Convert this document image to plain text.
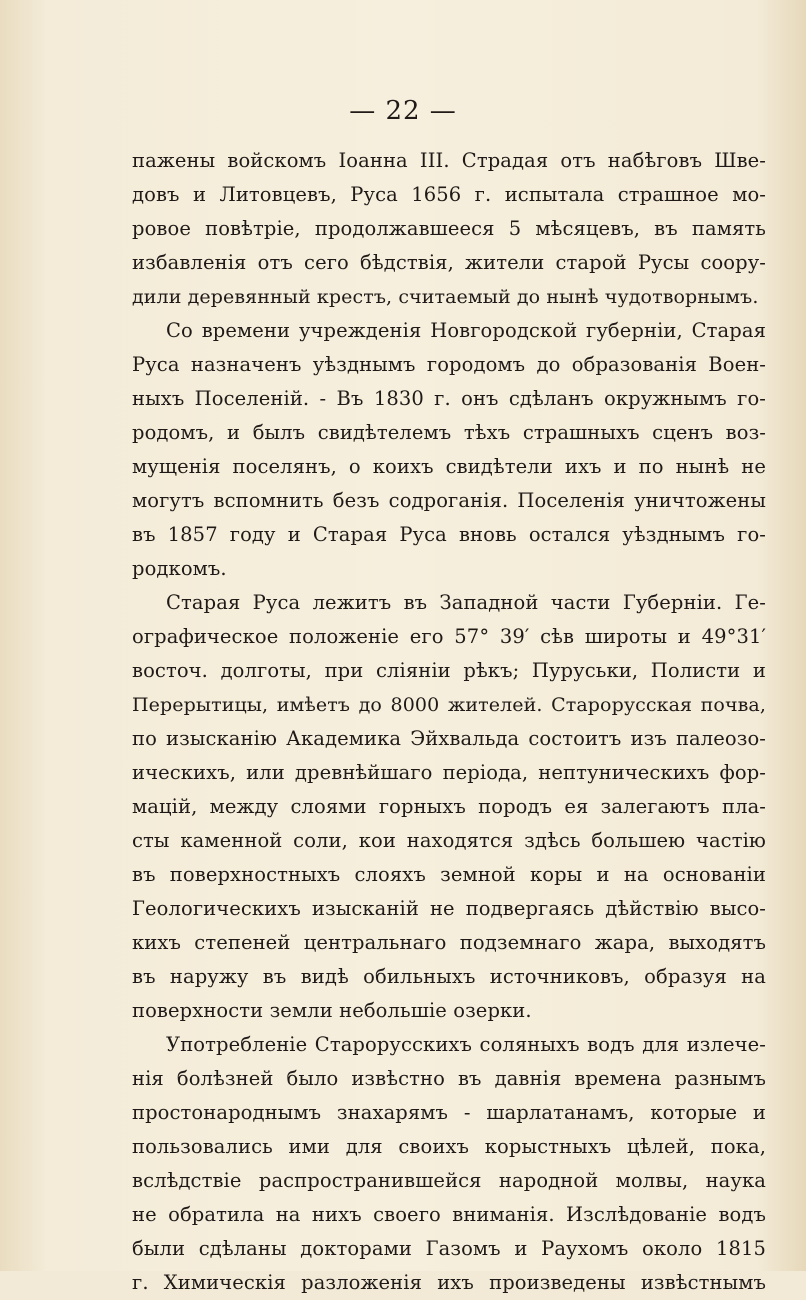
— 22 —
пажены войскомъ Іоанна III. Страдая отъ набѣговъ Шве-
довъ и Литовцевъ, Руса 1656 г. испытала страшное мо-
ровое повѣтріе, продолжавшееся 5 мѣсяцевъ, въ память
избавленія отъ сего бѣдствія, жители старой Русы соору-
дили деревянный крестъ, считаемый до нынѣ чудотворнымъ.
Со времени учрежденія Новгородской губерніи, Старая
Руса назначенъ уѣзднымъ городомъ до образованія Воен-
ныхъ Поселеній. - Въ 1830 г. онъ сдѣланъ окружнымъ го-
родомъ, и былъ свидѣтелемъ тѣхъ страшныхъ сценъ воз-
мущенія поселянъ, о коихъ свидѣтели ихъ и по нынѣ не
могутъ вспомнить безъ содроганія. Поселенія уничтожены
въ 1857 году и Старая Руса вновь остался уѣзднымъ го-
родкомъ.
Старая Руса лежитъ въ Западной части Губерніи. Ге-
ографическое положеніе его 57° 39′ сѣв широты и 49°31′
восточ. долготы, при сліяніи рѣкъ; Пуруськи, Полисти и
Перерытицы, имѣетъ до 8000 жителей. Старорусская почва,
по изысканію Академика Эйхвальда состоитъ изъ палеозо-
ическихъ, или древнѣйшаго періода, нептуническихъ фор-
мацій, между слоями горныхъ породъ ея залегаютъ пла-
сты каменной соли, кои находятся здѣсь большею частію
въ поверхностныхъ слояхъ земной коры и на основаніи
Геологическихъ изысканій не подвергаясь дѣйствію высо-
кихъ степеней центральнаго подземнаго жара, выходятъ
въ наружу въ видѣ обильныхъ источниковъ, образуя на
поверхности земли небольшіе озерки.
Употребленіе Старорусскихъ соляныхъ водъ для излече-
нія болѣзней было извѣстно въ давнія времена разнымъ
простонароднымъ знахарямъ - шарлатанамъ, которые и
пользовались ими для своихъ корыстныхъ цѣлей, пока,
вслѣдствіе распространившейся народной молвы, наука
не обратила на нихъ своего вниманія. Изслѣдованіе водъ
были сдѣланы докторами Газомъ и Раухомъ около 1815
г. Химическія разложенія ихъ произведены извѣстнымъ
